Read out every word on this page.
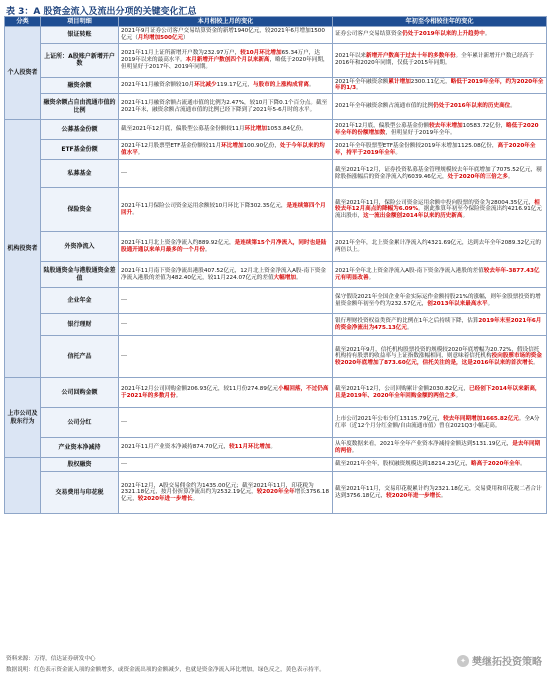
表 3：A 股资金流入及流出分项的关键变化汇总
分类	项目明细	本月相较上月的变化	年初至今相较往年的变化
个人投资者	银证转账	2021年9月证券公司客户交易结算资金的新增1940亿元，较2021年6月增加1500亿元（月均增加500亿元）	证券公司客户交易结算资金仍处于2019年以来的上升趋势中。
	上证所：A股账户新增开户数	2021年11月上证所新增开户数为232.97万户，较10月环比增加65.34万户，达2019年以来的最高水平。本月新增开户数创四个月以来新高，略低于2020年同期，但明显好于2017年、2019年同期。	2021年以来新增开户数高于过去十年的多数年份。全年累计新增开户数已经高于2016年和2020年同期，仅低于2015年同期。
	融资余额	2021年11月融资余额较10月环比减少119.17亿元，与股市的上涨构成背离。	2021年全年融资余额累计增加2300.11亿元，略低于2019年全年，约为2020年全年的1/3。
	融资余额占自由流通市值的比例	2021年11月融资余额占流通市值的比例为2.47%，较10月下降0.1个百分点。截至2021年末，融资余额占流通市值的比例已经下降到了2021年5-6月时的水平。	2021年全年融资余额占流通市值的比例仍处于2016年以来的历史高位。
机构投资者	公募基金份额	截至2021年12月底，偏股型公募基金份额较11月环比增加1053.84亿份。	2021年12月底，偏股型公募基金份额较去年末增加10583.72亿份，略低于2020年全年的份额增加数，但明显好于2019年全年。
	ETF基金份额	2021年12月股票型ETF基金份额较11月环比增加100.90亿份，处于今年以来的均值水平。	2021年全年股票型ETF基金份额较2019年末增加1125.08亿份，高于2020年全年，持平于2019年全年。
	私募基金	---	截至2021年12月，证券投资私募基金管理规模较去年年底增加了7075.52亿元，剔除股指涨幅后的资金净流入约6039.46亿元，处于2020年的三倍之多。
	保险资金	2021年11月保险公司资金运用余额较10月环比下降302.35亿元，是连续第四个月回升。	截至2021年11月，保险公司资金运用余额中投向股票的资金为28004.35亿元，相较去年12月高点的降幅为6.09%。据此推算年初至今保险资金流出约4216.91亿元流出股市，这一流出金额创2014年以来的历史新高。
	外资净流入	2021年11月北上资金净流入约889.92亿元，是连续第15个月净流入，同时也是陆股通开通以来单月最多的一个月份。	2021年全年，北上资金累计净流入约4321.69亿元，达到去年全年2089.32亿元的两倍以上。
	陆股通资金与港股通资金差值	2021年11月南下资金净流出港股407.52亿元，12月北上资金净流入A股-南下资金净流入港股的差值为482.40亿元，较11月224.07亿元的差值大幅增加。	2021年全年北上资金净流入A股-南下资金净流入港股的差值较去年年-3877.43亿元有明显改善。
	企业年金	---	保守假设2021年全国企业年金实际运作金额持股21%的涨幅，则年金股票投资的增量资金额年初至今约为232.57亿元，创2013年以来最高水平。
	银行理财	---	银行理财投资权益类资产的比例在1年之后持续下降，估算2019年末至2021年6月的资金净流出为475.13亿元。
	信托产品	---	截至2021年9月，信托机构股票投资的规模较2020年底增幅为20.72%，假设信托机构持有股票的收益率与上证指数涨幅相同，则意味着信托机构投向股票市场的资金较2020年底增加了873.60亿元，信托关注的是，这是2016年以来的首次增长。
上市公司及股东行为	公司回购金额	2021年12月公司回购金额206.93亿元，较11月份274.89亿元小幅回落，不过仍高于2021年的多数月份。	截至2021年12月，公司回购累计金额2030.82亿元，已经创下2014年以来新高，且是2019年、2020年全年回购金额的两倍之多。
	公司分红	---	上市公司2021年公布分红13115.79亿元，较去年同期增加1665.82亿元。全A分红率（近12个月分红金额/自由流通市值）曾在2021Q3小幅走高。
	产业资本净减持	2021年11月产业资本净减持874.70亿元，较11月环比增加。	从年度数据来看，2021年全年产业资本净减持金额达到5131.19亿元，是去年同期的两倍。
	股权融资	---	截至2021年全年，股权融资规模达到18214.23亿元，略高于2020年全年。
	交易费用与印花税	2021年12月，A股交易佣金约为1435.00亿元；截至2021年11月，印花税为2321.18亿元，按月份折算净流出约为2532.19亿元，较2020年全年增长3756.18亿元，较2020年进一步增长。	截至2021年11月，交易印花税累计约为2321.18亿元，交易费用和印花税二者合计达到3756.18亿元，较2020年进一步增长。
资料来源：万得，信达证券研发中心
数据说明：红色表示资金流入项的金额增多，或资金流出项的金额减少，也就是资金净流入环比增加，绿色反之，黄色表示持平。
✦ 樊继拓投资策略
